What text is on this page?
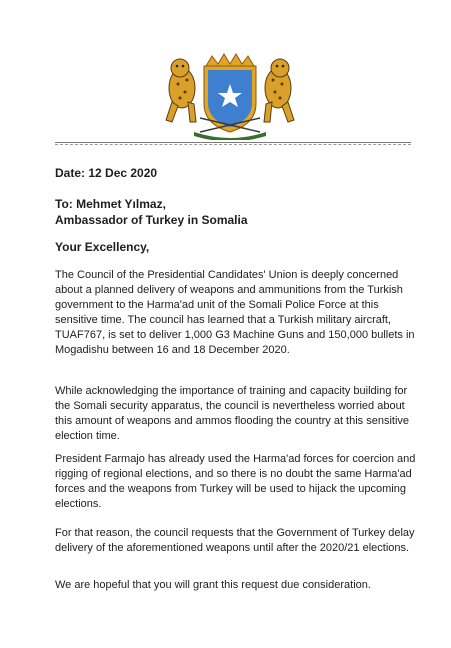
Date: 12 Dec 2020
To: Mehmet Yılmaz,
Ambassador of Turkey in Somalia
Your Excellency,

The Council of the Presidential Candidates' Union is deeply concerned about a planned delivery of weapons and ammunitions from the Turkish government to the Harma'ad unit of the Somali Police Force at this sensitive time. The council has learned that a Turkish military aircraft, TUAF767, is set to deliver 1,000 G3 Machine Guns and 150,000 bullets in Mogadishu between 16 and 18 December 2020.

While acknowledging the importance of training and capacity building for the Somali security apparatus, the council is nevertheless worried about this amount of weapons and ammos flooding the country at this sensitive election time.

President Farmajo has already used the Harma'ad forces for coercion and rigging of regional elections, and so there is no doubt the same Harma'ad forces and the weapons from Turkey will be used to hijack the upcoming elections.

For that reason, the council requests that the Government of Turkey delay delivery of the aforementioned weapons until after the 2020/21 elections.

We are hopeful that you will grant this request due consideration.
